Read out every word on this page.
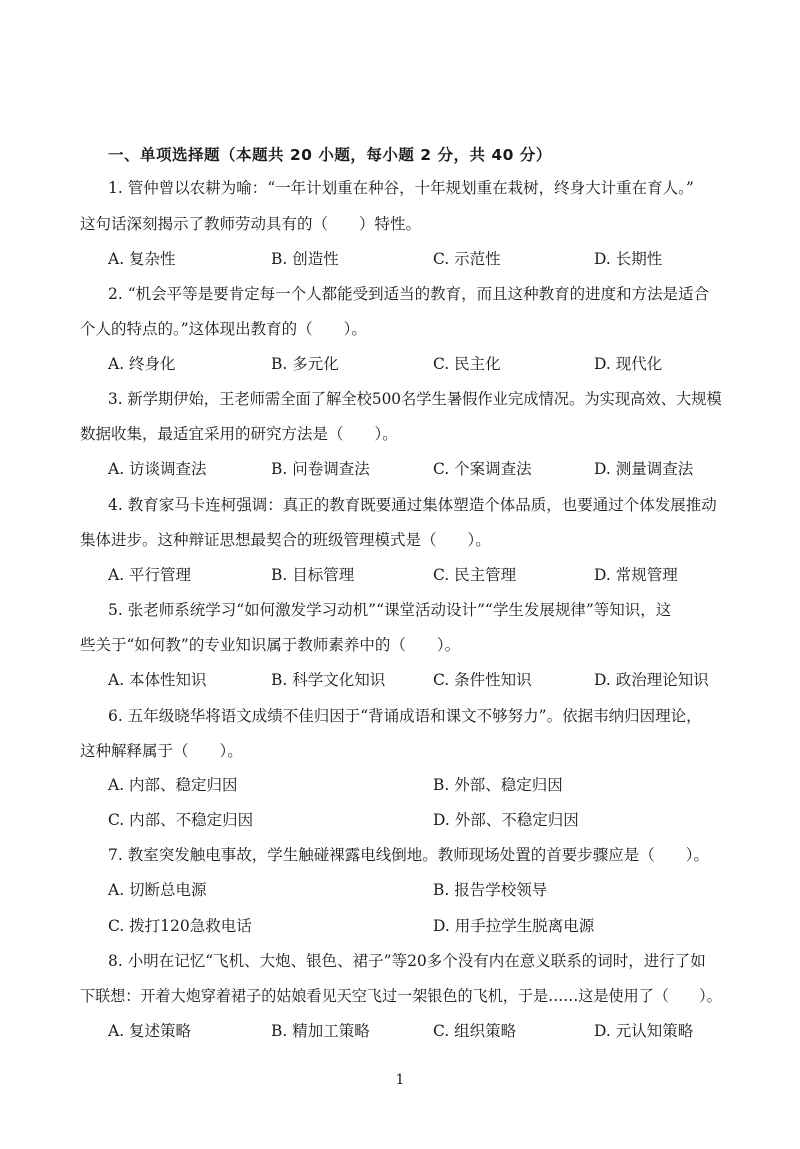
一、单项选择题（本题共 20 小题，每小题 2 分，共 40 分）
1. 管仲曾以农耕为喻：“一年计划重在种谷，十年规划重在栽树，终身大计重在育人。”
这句话深刻揭示了教师劳动具有的（　　）特性。
A. 复杂性	B. 创造性	C. 示范性	D. 长期性
2. “机会平等是要肯定每一个人都能受到适当的教育，而且这种教育的进度和方法是适合
个人的特点的。”这体现出教育的（　　）。
A. 终身化	B. 多元化	C. 民主化	D. 现代化
3. 新学期伊始，王老师需全面了解全校500名学生暑假作业完成情况。为实现高效、大规模
数据收集，最适宜采用的研究方法是（　　）。
A. 访谈调查法	B. 问卷调查法	C. 个案调查法	D. 测量调查法
4. 教育家马卡连柯强调：真正的教育既要通过集体塑造个体品质，也要通过个体发展推动
集体进步。这种辩证思想最契合的班级管理模式是（　　）。
A. 平行管理	B. 目标管理	C. 民主管理	D. 常规管理
5. 张老师系统学习“如何激发学习动机”“课堂活动设计”“学生发展规律”等知识，这
些关于“如何教”的专业知识属于教师素养中的（　　）。
A. 本体性知识	B. 科学文化知识	C. 条件性知识	D. 政治理论知识
6. 五年级晓华将语文成绩不佳归因于“背诵成语和课文不够努力”。依据韦纳归因理论，
这种解释属于（　　）。
A. 内部、稳定归因	B. 外部、稳定归因
C. 内部、不稳定归因	D. 外部、不稳定归因
7. 教室突发触电事故，学生触碰裸露电线倒地。教师现场处置的首要步骤应是（　　）。
A. 切断总电源	B. 报告学校领导
C. 拨打120急救电话	D. 用手拉学生脱离电源
8. 小明在记忆“飞机、大炮、银色、裙子”等20多个没有内在意义联系的词时，进行了如
下联想：开着大炮穿着裙子的姑娘看见天空飞过一架银色的飞机，于是……这是使用了（　　）。
A. 复述策略	B. 精加工策略	C. 组织策略	D. 元认知策略
1
